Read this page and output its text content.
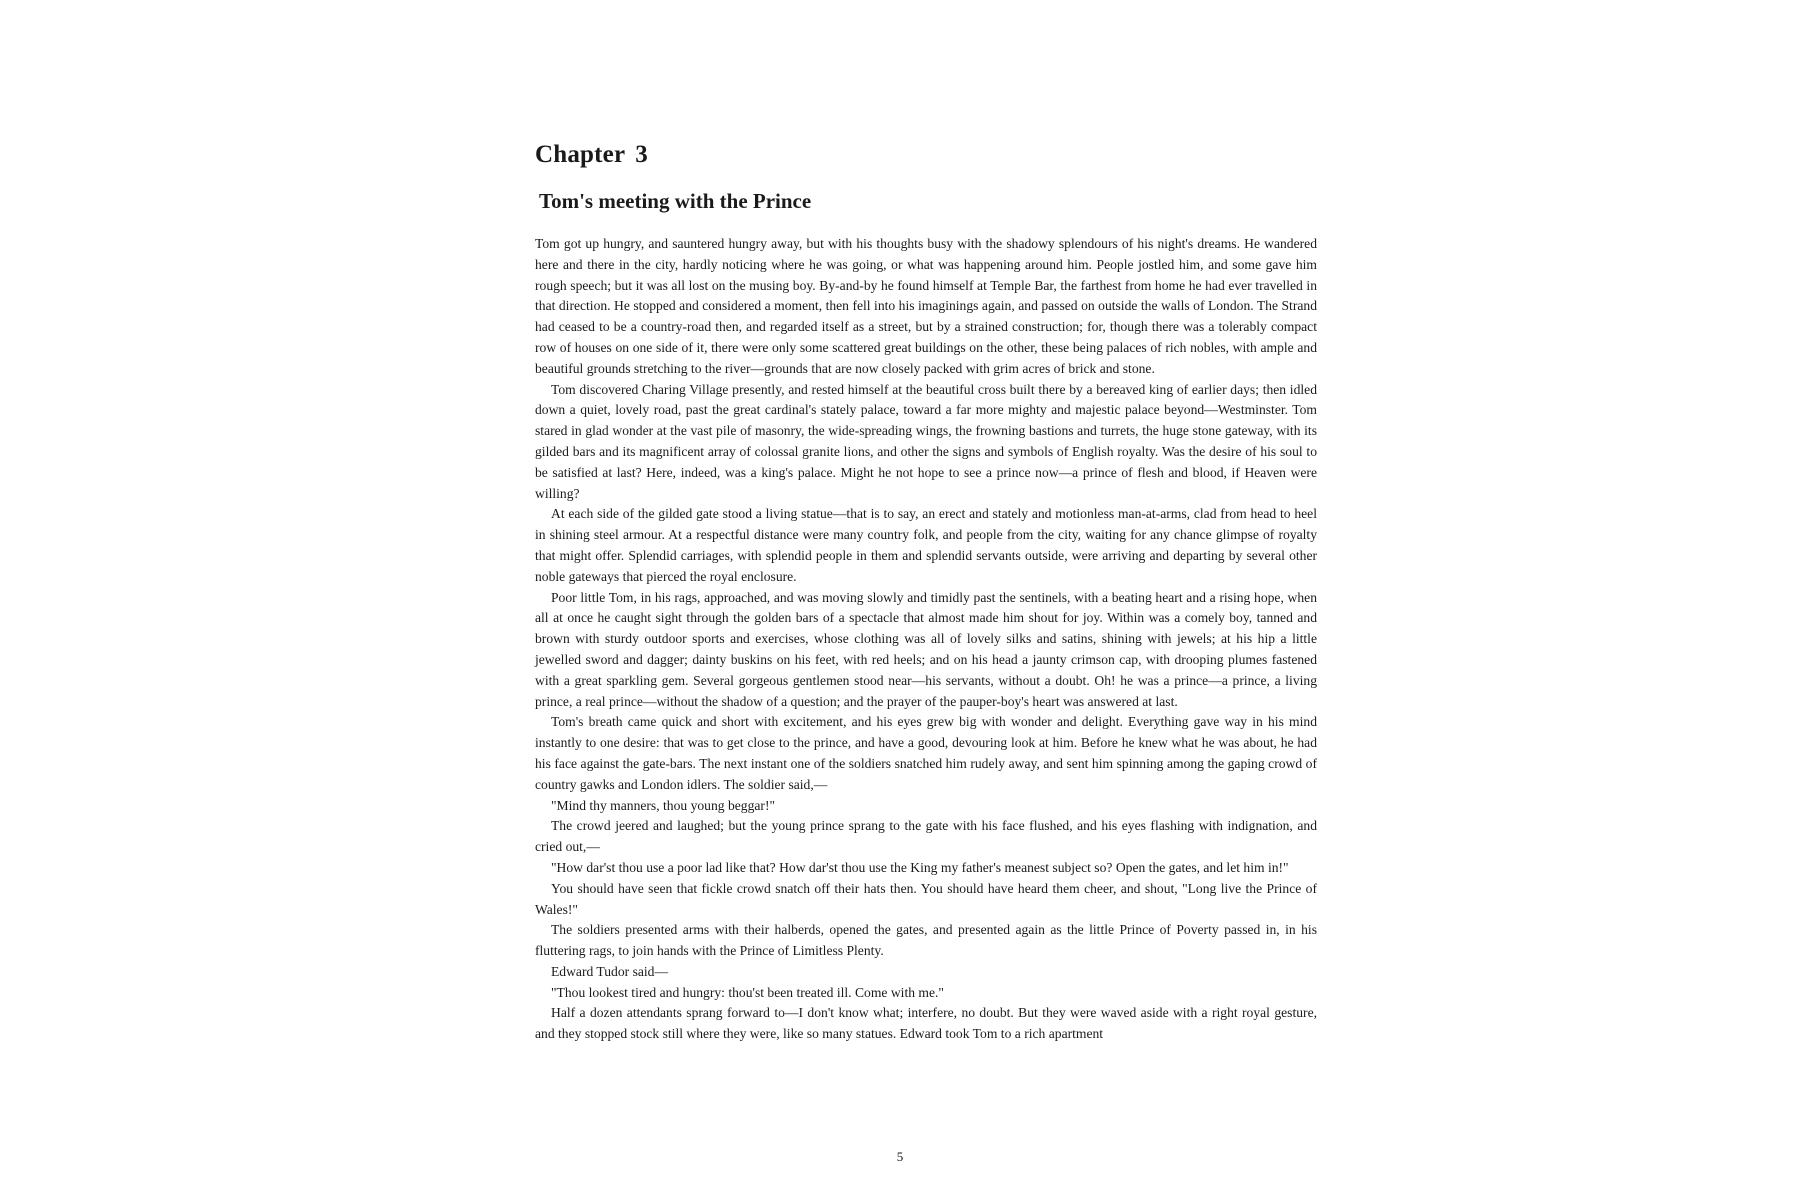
Chapter 3
Tom's meeting with the Prince

Tom got up hungry, and sauntered hungry away, but with his thoughts busy with the shadowy splendours of his night's dreams. He wandered here and there in the city, hardly noticing where he was going, or what was happening around him. People jostled him, and some gave him rough speech; but it was all lost on the musing boy. By-and-by he found himself at Temple Bar, the farthest from home he had ever travelled in that direction. He stopped and considered a moment, then fell into his imaginings again, and passed on outside the walls of London. The Strand had ceased to be a country-road then, and regarded itself as a street, but by a strained construction; for, though there was a tolerably compact row of houses on one side of it, there were only some scattered great buildings on the other, these being palaces of rich nobles, with ample and beautiful grounds stretching to the river—grounds that are now closely packed with grim acres of brick and stone.

Tom discovered Charing Village presently, and rested himself at the beautiful cross built there by a bereaved king of earlier days; then idled down a quiet, lovely road, past the great cardinal's stately palace, toward a far more mighty and majestic palace beyond—Westminster. Tom stared in glad wonder at the vast pile of masonry, the wide-spreading wings, the frowning bastions and turrets, the huge stone gateway, with its gilded bars and its magnificent array of colossal granite lions, and other the signs and symbols of English royalty. Was the desire of his soul to be satisfied at last? Here, indeed, was a king's palace. Might he not hope to see a prince now—a prince of flesh and blood, if Heaven were willing?

At each side of the gilded gate stood a living statue—that is to say, an erect and stately and motionless man-at-arms, clad from head to heel in shining steel armour. At a respectful distance were many country folk, and people from the city, waiting for any chance glimpse of royalty that might offer. Splendid carriages, with splendid people in them and splendid servants outside, were arriving and departing by several other noble gateways that pierced the royal enclosure.

Poor little Tom, in his rags, approached, and was moving slowly and timidly past the sentinels, with a beating heart and a rising hope, when all at once he caught sight through the golden bars of a spectacle that almost made him shout for joy. Within was a comely boy, tanned and brown with sturdy outdoor sports and exercises, whose clothing was all of lovely silks and satins, shining with jewels; at his hip a little jewelled sword and dagger; dainty buskins on his feet, with red heels; and on his head a jaunty crimson cap, with drooping plumes fastened with a great sparkling gem. Several gorgeous gentlemen stood near—his servants, without a doubt. Oh! he was a prince—a prince, a living prince, a real prince—without the shadow of a question; and the prayer of the pauper-boy's heart was answered at last.

Tom's breath came quick and short with excitement, and his eyes grew big with wonder and delight. Everything gave way in his mind instantly to one desire: that was to get close to the prince, and have a good, devouring look at him. Before he knew what he was about, he had his face against the gate-bars. The next instant one of the soldiers snatched him rudely away, and sent him spinning among the gaping crowd of country gawks and London idlers. The soldier said,—

"Mind thy manners, thou young beggar!"

The crowd jeered and laughed; but the young prince sprang to the gate with his face flushed, and his eyes flashing with indignation, and cried out,—

"How dar'st thou use a poor lad like that? How dar'st thou use the King my father's meanest subject so? Open the gates, and let him in!"

You should have seen that fickle crowd snatch off their hats then. You should have heard them cheer, and shout, "Long live the Prince of Wales!"

The soldiers presented arms with their halberds, opened the gates, and presented again as the little Prince of Poverty passed in, in his fluttering rags, to join hands with the Prince of Limitless Plenty.

Edward Tudor said—

"Thou lookest tired and hungry: thou'st been treated ill. Come with me."

Half a dozen attendants sprang forward to—I don't know what; interfere, no doubt. But they were waved aside with a right royal gesture, and they stopped stock still where they were, like so many statues. Edward took Tom to a rich apartment

5
